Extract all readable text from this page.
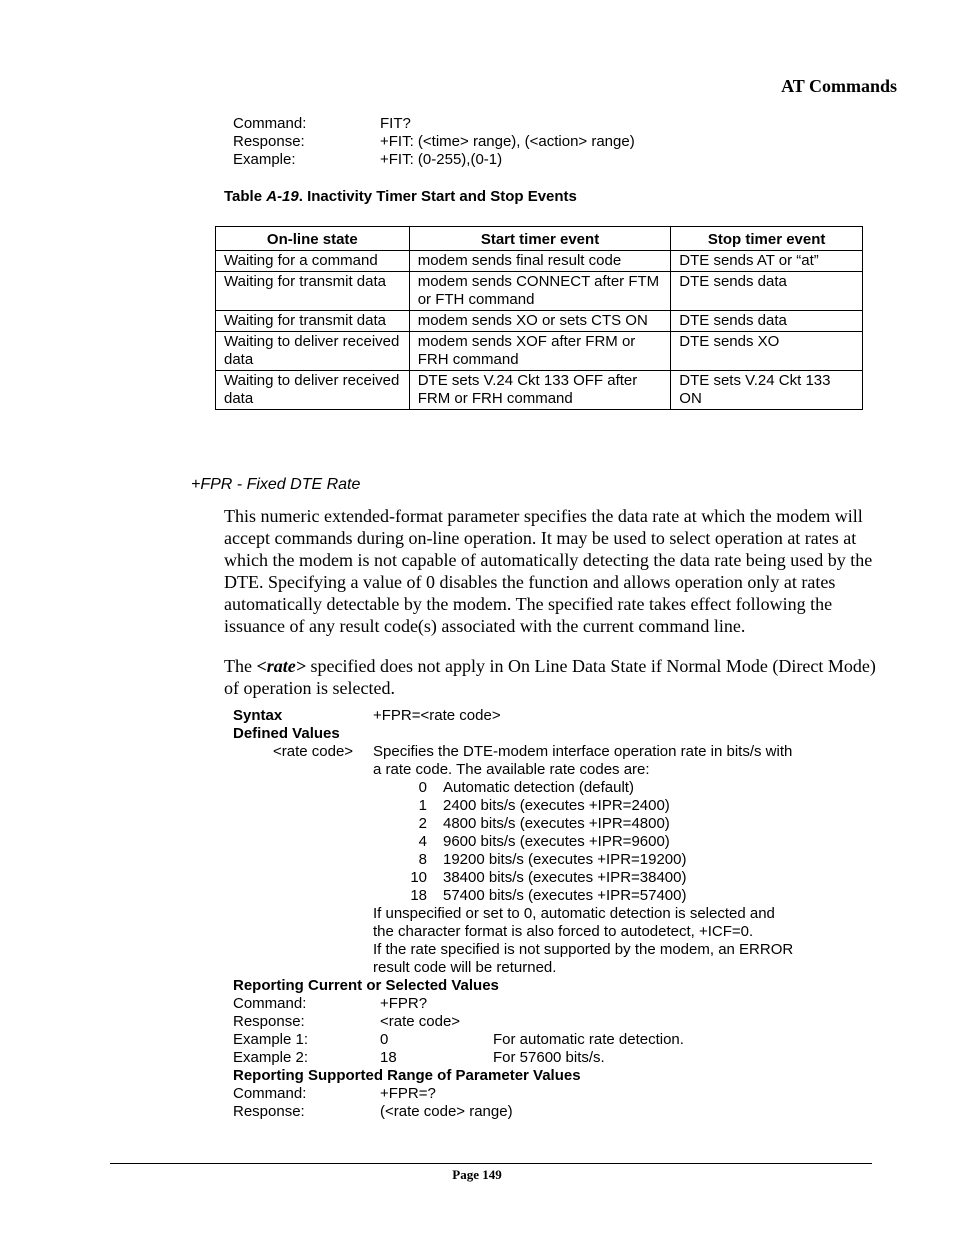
AT Commands
Command:	FIT?
Response:	+FIT: (<time> range), (<action> range)
Example:	+FIT: (0-255),(0-1)
Table A-19. Inactivity Timer Start and Stop Events
On-line state	Start timer event	Stop timer event
Waiting for a command	modem sends final result code	DTE sends AT or “at”
Waiting for transmit data	modem sends CONNECT after FTM or FTH command	DTE sends data
Waiting for transmit data	modem sends XO or sets CTS ON	DTE sends data
Waiting to deliver received data	modem sends XOF after FRM or FRH command	DTE sends XO
Waiting to deliver received data	DTE sets V.24 Ckt 133 OFF after FRM or FRH command	DTE sets V.24 Ckt 133 ON
+FPR - Fixed DTE Rate
This numeric extended-format parameter specifies the data rate at which the modem will accept commands during on-line operation. It may be used to select operation at rates at which the modem is not capable of automatically detecting the data rate being used by the DTE. Specifying a value of 0 disables the function and allows operation only at rates automatically detectable by the modem. The specified rate takes effect following the issuance of any result code(s) associated with the current command line.
The <rate> specified does not apply in On Line Data State if Normal Mode (Direct Mode) of operation is selected.
Syntax	+FPR=<rate code>
Defined Values
<rate code> Specifies the DTE-modem interface operation rate in bits/s with
a rate code. The available rate codes are:
0 Automatic detection (default)
1 2400 bits/s (executes +IPR=2400)
2 4800 bits/s (executes +IPR=4800)
4 9600 bits/s (executes +IPR=9600)
8 19200 bits/s (executes +IPR=19200)
10 38400 bits/s (executes +IPR=38400)
18 57400 bits/s (executes +IPR=57400)
If unspecified or set to 0, automatic detection is selected and
the character format is also forced to autodetect, +ICF=0.
If the rate specified is not supported by the modem, an ERROR
result code will be returned.
Reporting Current or Selected Values
Command:	+FPR?
Response:	<rate code>
Example 1:	0	For automatic rate detection.
Example 2:	18	For 57600 bits/s.
Reporting Supported Range of Parameter Values
Command:	+FPR=?
Response:	(<rate code> range)
Page 149
